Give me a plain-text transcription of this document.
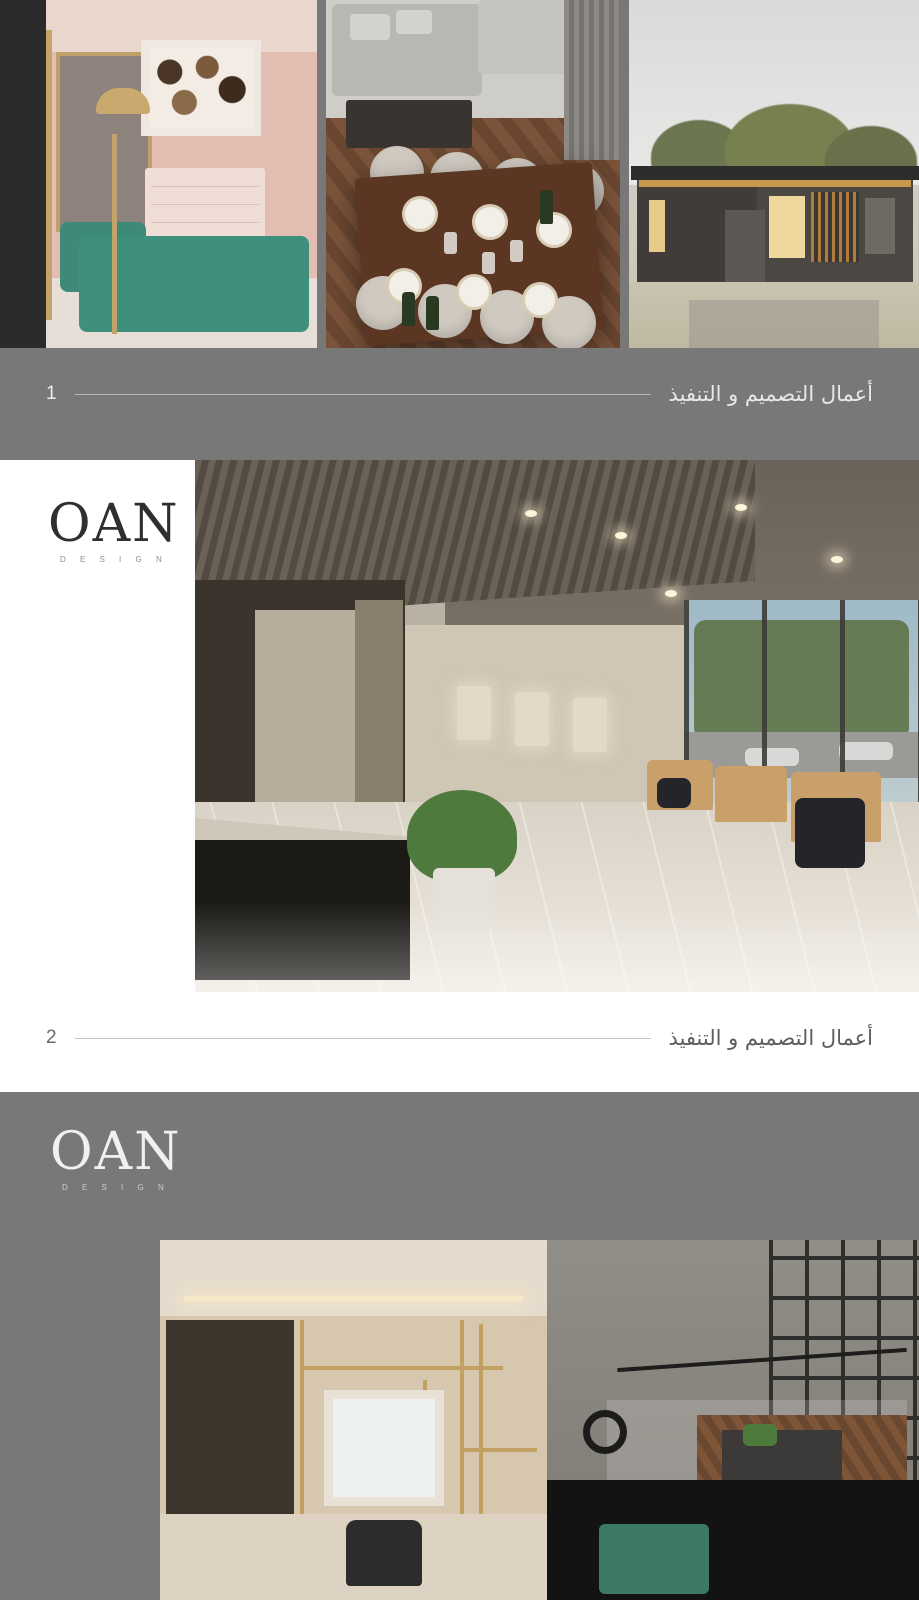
أعمال التصميم و التنفيذ
1
OAN
D E S I G N
أعمال التصميم و التنفيذ
2
OAN
D E S I G N
